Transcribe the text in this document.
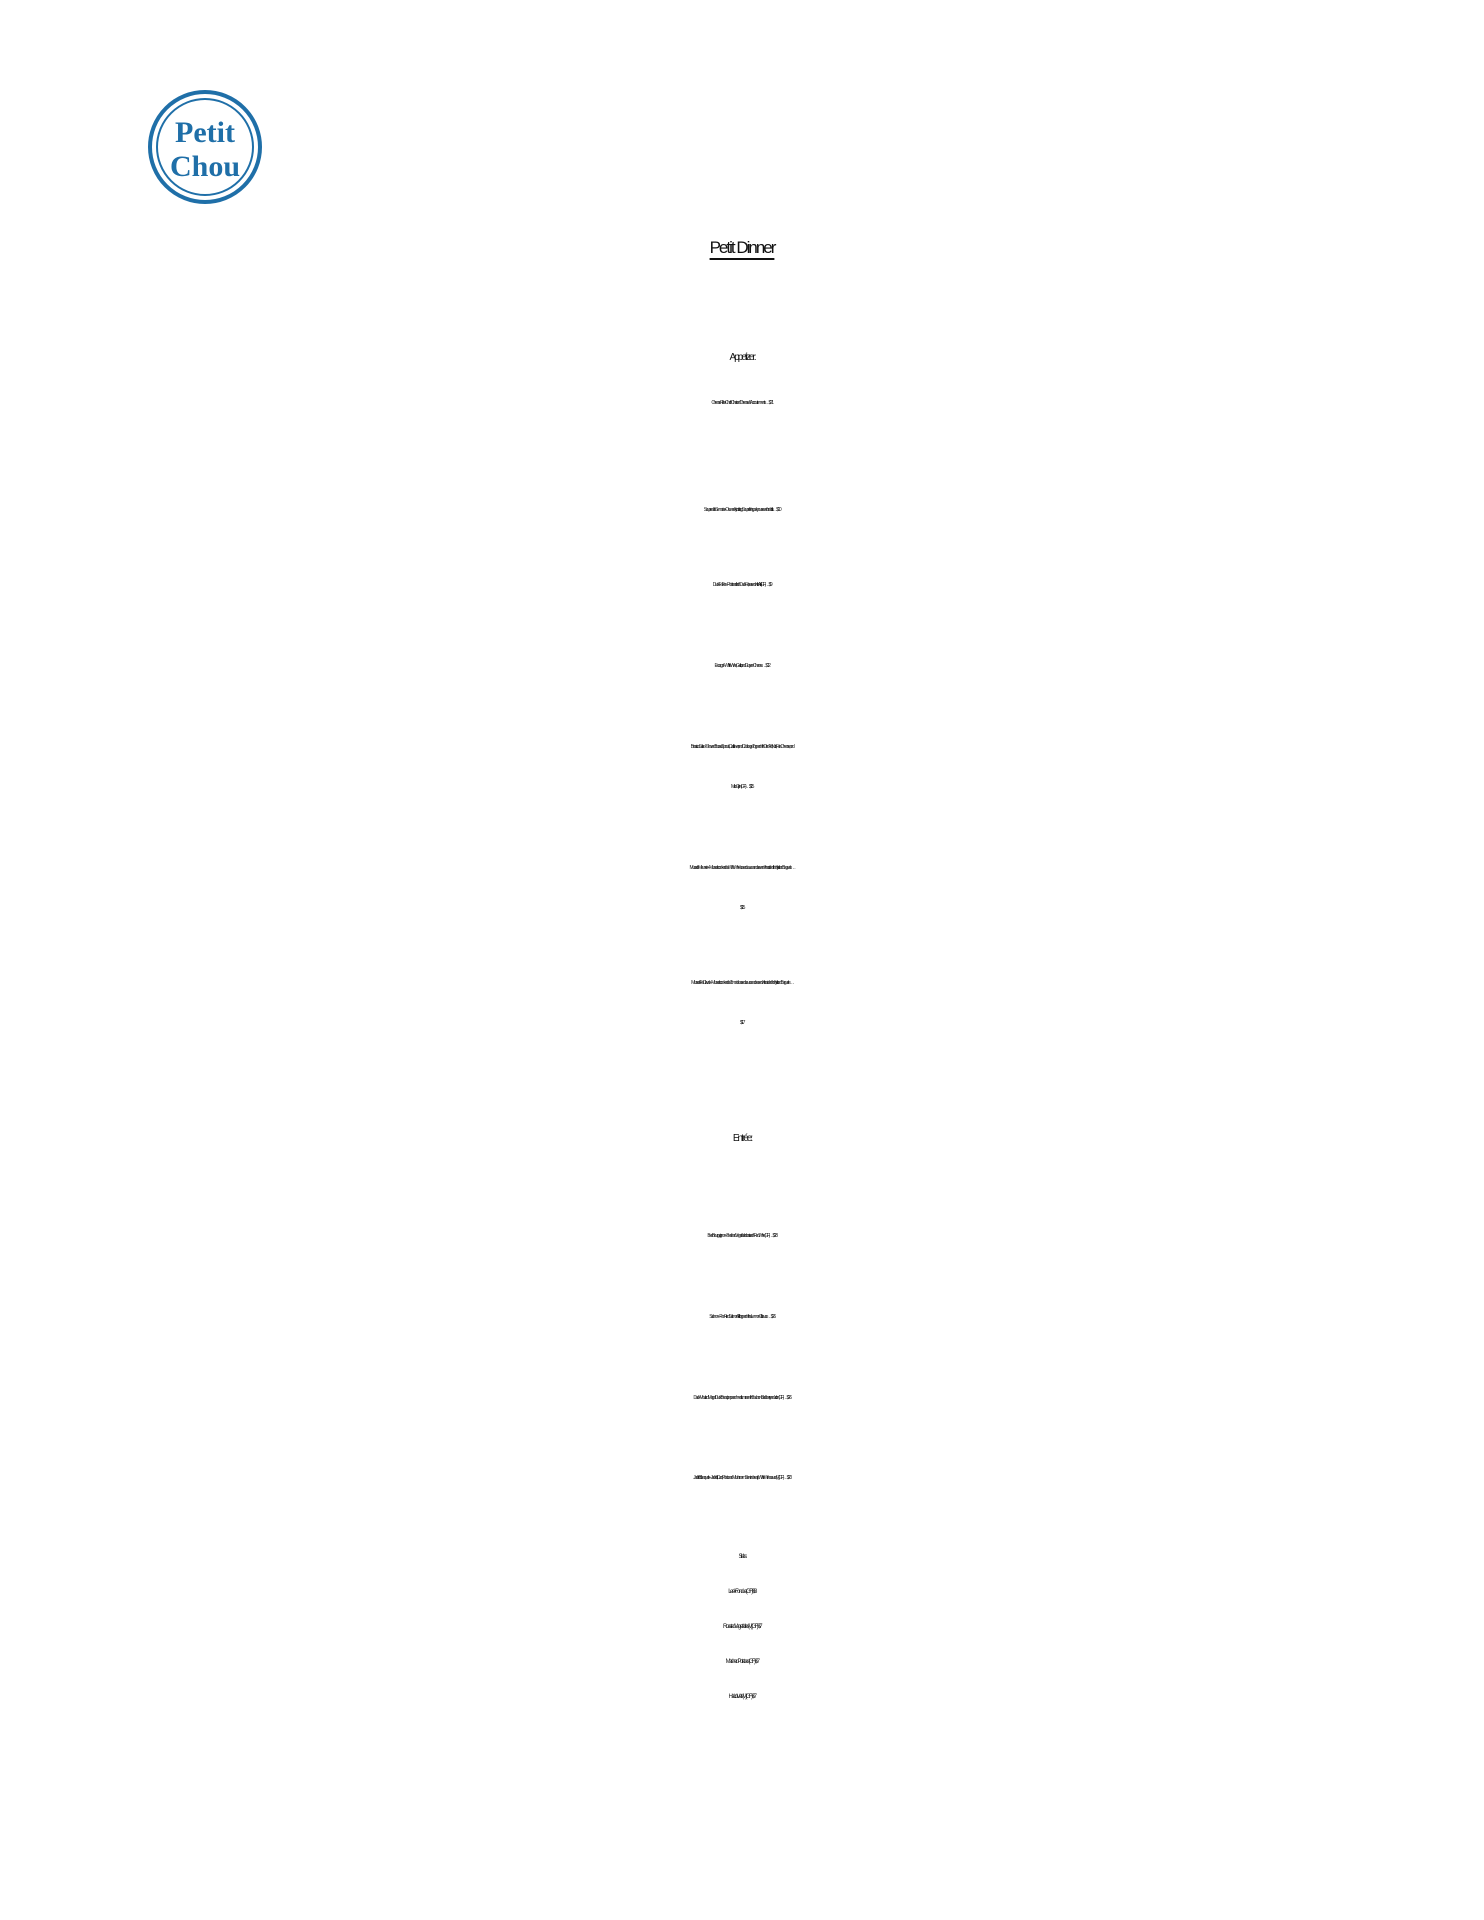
Petit
Chou
Petit Dinner
Appetizer:
Cheese Platter- Chef’s Choice of Cheese & Accoutrements … $21
Soupe de la Semaine- Our weekly rotating Soup offering, ask your server for details … $10
Duck Fat Fries – Potatoes fried in Duck Fat, served with Aioli (GF)… $9
Escargot – White Wine, Garlic, and Gruyere Cheese… $12
Brassica Salad – Shaved Brussel Sprouts, Cauliflower, and Cabbage. Topped with Dried Fruit, Nuts, Feta Cheese, and
Miso-Dijon (GF)… $15
Mussels Meuneire – Mussels cooked in a White Wine-based sauce and served with a side of freshly sliced Baguette…
$15
Mussels Fra Diavalo – Mussels cooked in a Tomato-based sauce and served with a side of freshly sliced Baguette…
$17
Entrée:
Beef Bourguignon – Beef and Vegetables braised in Red Wine (GF)… $28
Salmon – Pan-Fried Salmon Fillet topped with a Lemon-Dill sauce …$26
Duck - Moulard Magret Duck Breast prepared medium rare with Bourbon-Blackberry reduction (GF) … $26
Jackfruit Blanquette – Jackfruit, Carrot, Potato and Mushroom Stew in a hearty White Wine sauce(V)(GF)… $20
Sides:
Leek Fondue (GF) - $8
Roasted Vegetables (V)(GF) -$7
Mashed Potatoes (GF) -$7
Haricot Verts (V)(GF) -$7
